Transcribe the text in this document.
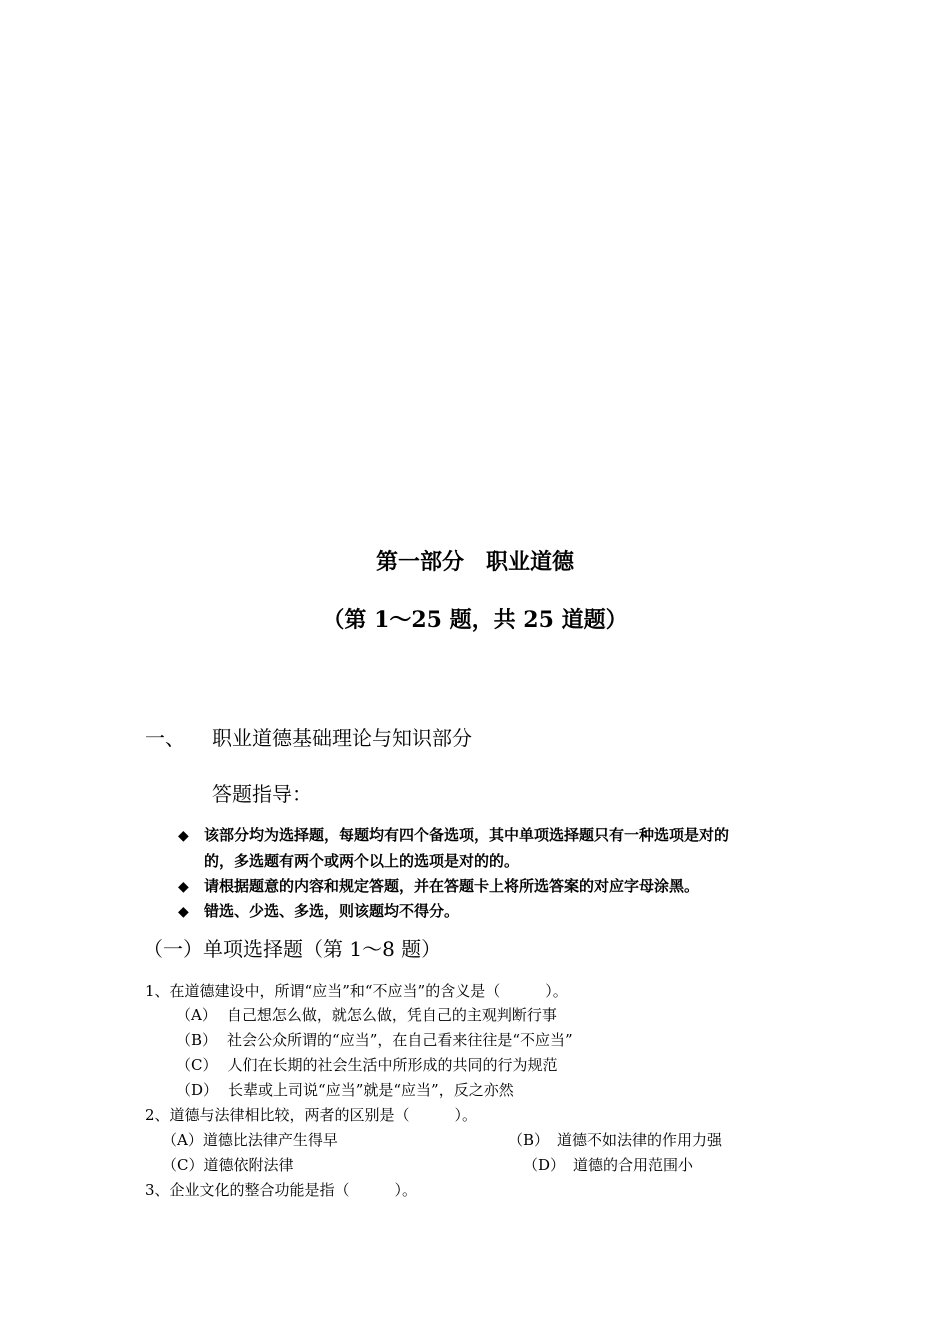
第一部分　职业道德
（第 1～25 题，共 25 道题）
一、 职业道德基础理论与知识部分
答题指导：
◆ 该部分均为选择题，每题均有四个备选项，其中单项选择题只有一种选项是对的
的，多选题有两个或两个以上的选项是对的的。
◆ 请根据题意的内容和规定答题，并在答题卡上将所选答案的对应字母涂黑。
◆ 错选、少选、多选，则该题均不得分。
（一）单项选择题（第 1～8 题）
1、在道德建设中，所谓“应当”和“不应当”的含义是（　　　）。
（A） 自己想怎么做，就怎么做，凭自己的主观判断行事
（B） 社会公众所谓的“应当”，在自己看来往往是“不应当”
（C） 人们在长期的社会生活中所形成的共同的行为规范
（D） 长辈或上司说“应当”就是“应当”，反之亦然
2、道德与法律相比较，两者的区别是（　　　）。
（A）道德比法律产生得早	（B） 道德不如法律的作用力强
（C）道德依附法律	（D） 道德的合用范围小
3、企业文化的整合功能是指（　　　）。
